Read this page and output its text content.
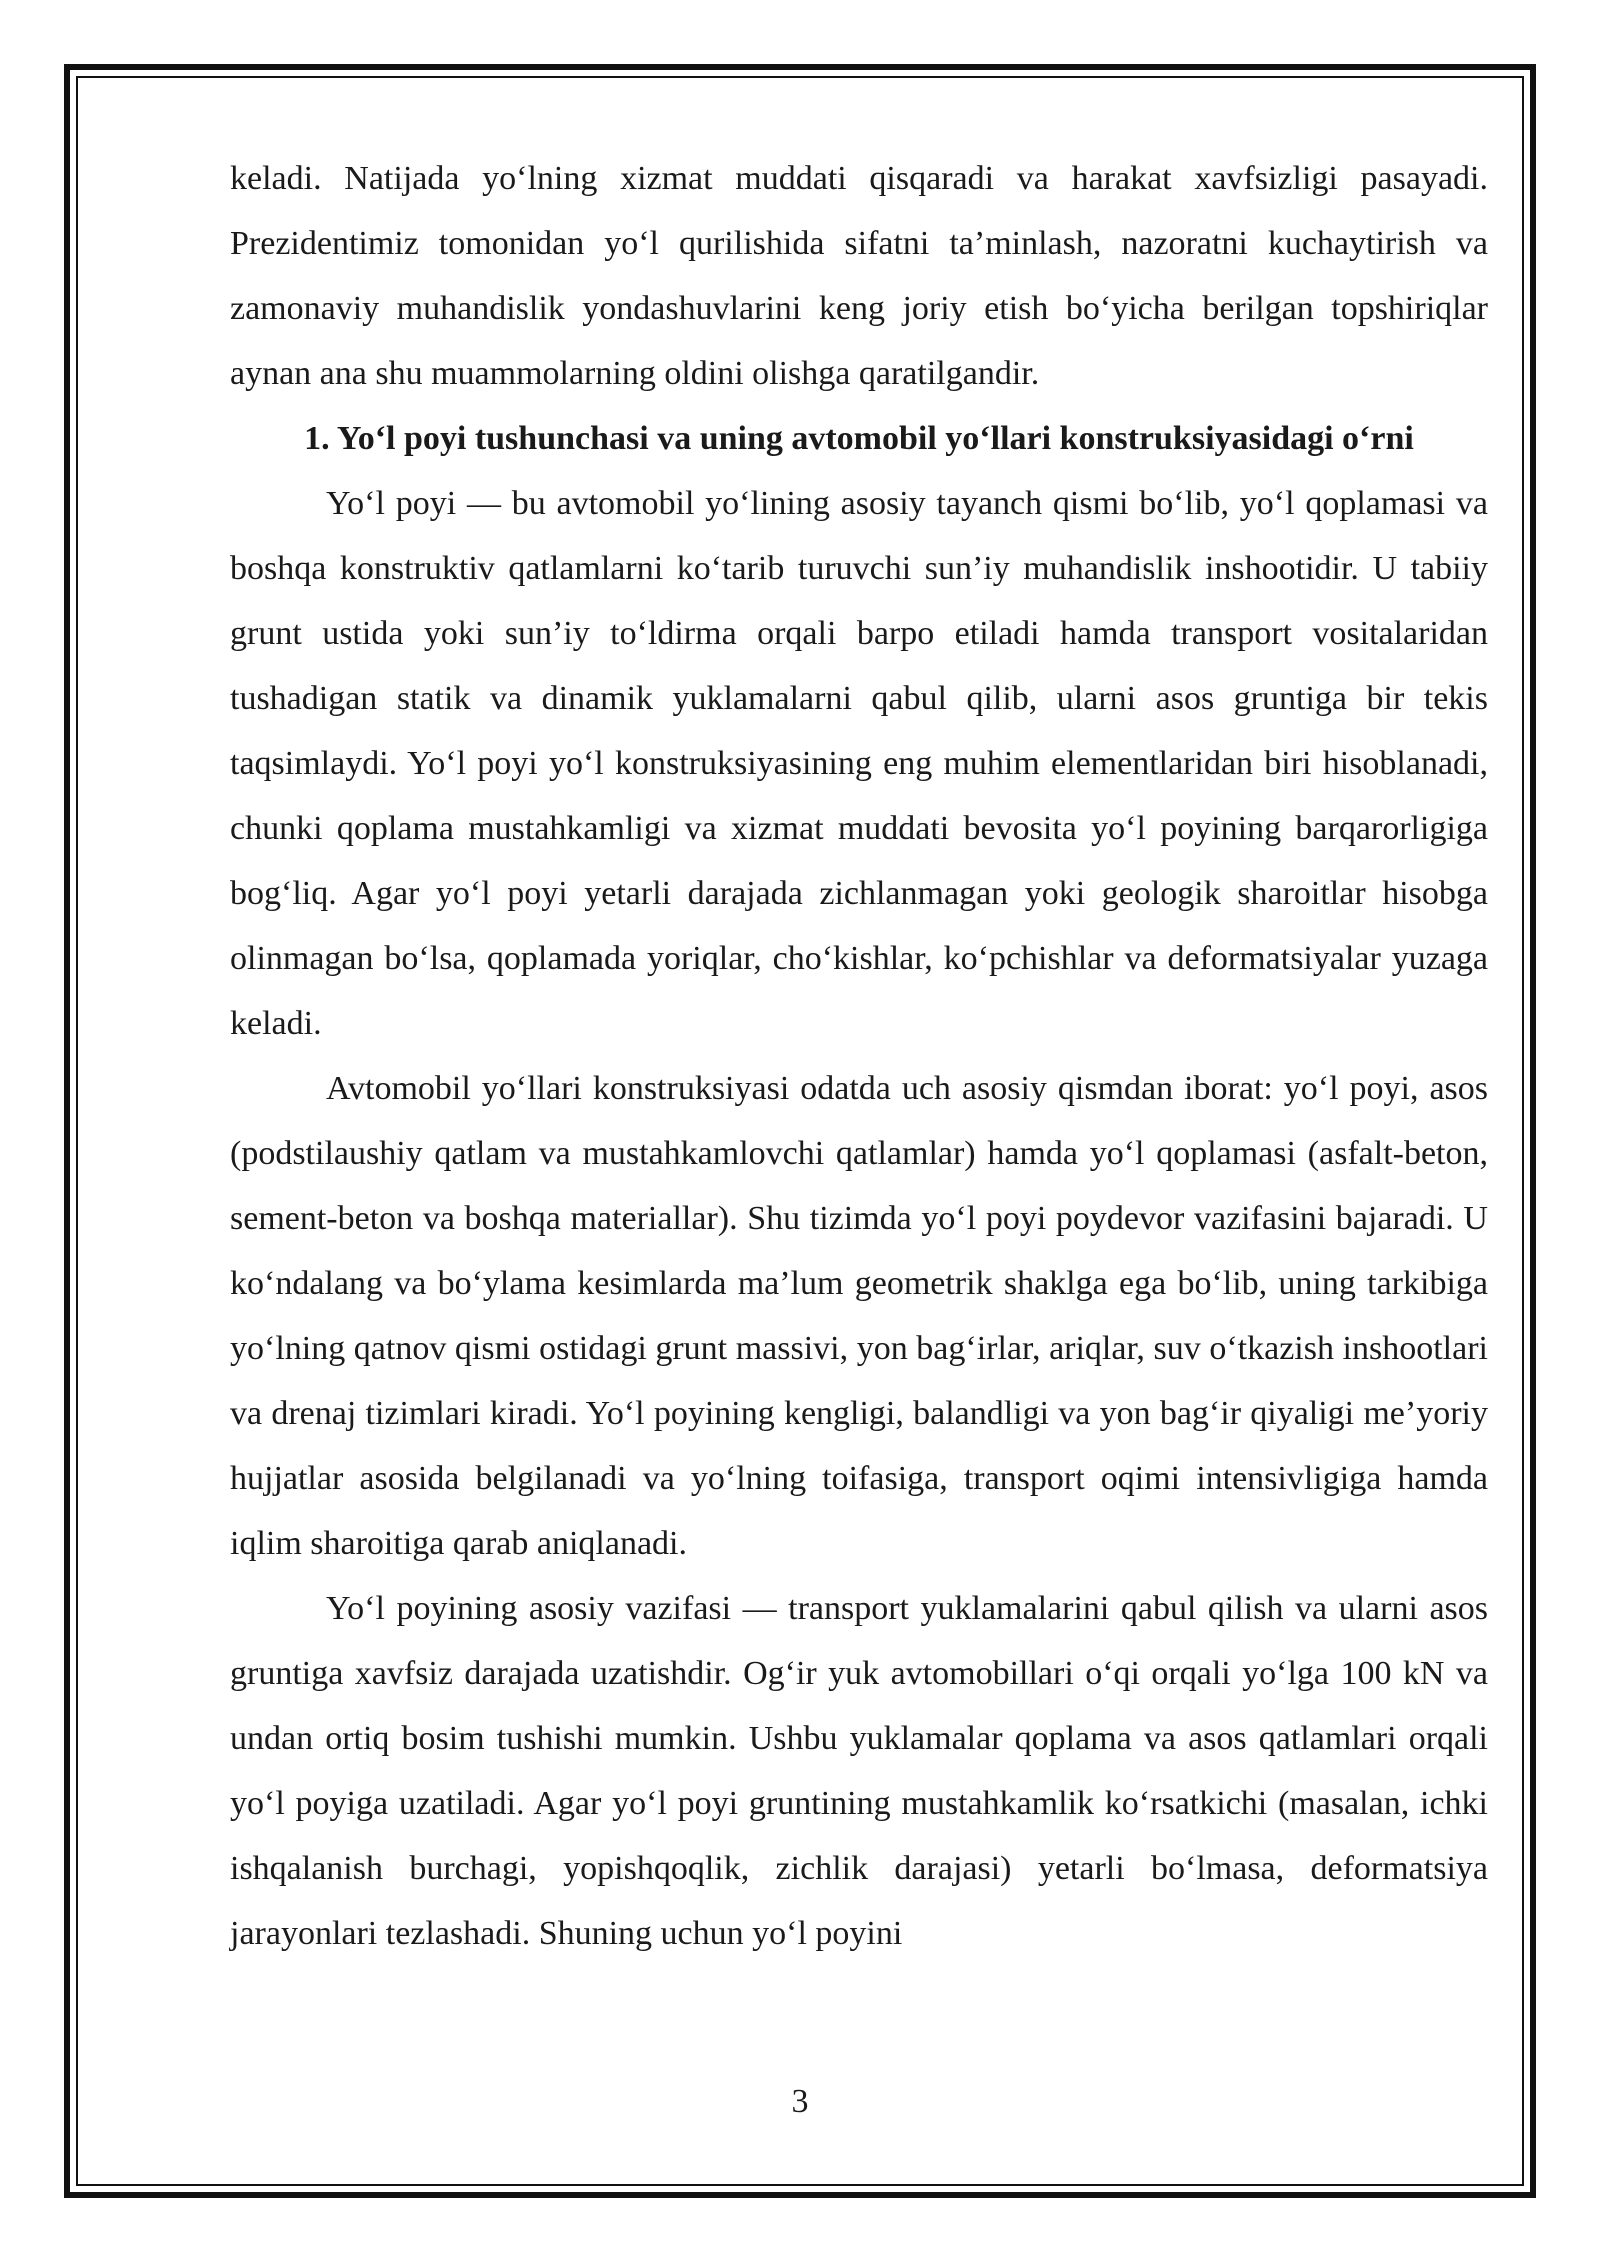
keladi. Natijada yo‘lning xizmat muddati qisqaradi va harakat xavfsizligi pasayadi. Prezidentimiz tomonidan yo‘l qurilishida sifatni ta’minlash, nazoratni kuchaytirish va zamonaviy muhandislik yondashuvlarini keng joriy etish bo‘yicha berilgan topshiriqlar aynan ana shu muammolarning oldini olishga qaratilgandir.

1. Yo‘l poyi tushunchasi va uning avtomobil yo‘llari konstruksiyasidagi o‘rni

Yo‘l poyi — bu avtomobil yo‘lining asosiy tayanch qismi bo‘lib, yo‘l qoplamasi va boshqa konstruktiv qatlamlarni ko‘tarib turuvchi sun’iy muhandislik inshootidir. U tabiiy grunt ustida yoki sun’iy to‘ldirma orqali barpo etiladi hamda transport vositalaridan tushadigan statik va dinamik yuklamalarni qabul qilib, ularni asos gruntiga bir tekis taqsimlaydi. Yo‘l poyi yo‘l konstruksiyasining eng muhim elementlaridan biri hisoblanadi, chunki qoplama mustahkamligi va xizmat muddati bevosita yo‘l poyining barqarorligiga bog‘liq. Agar yo‘l poyi yetarli darajada zichlanmagan yoki geologik sharoitlar hisobga olinmagan bo‘lsa, qoplamada yoriqlar, cho‘kishlar, ko‘pchishlar va deformatsiyalar yuzaga keladi.

Avtomobil yo‘llari konstruksiyasi odatda uch asosiy qismdan iborat: yo‘l poyi, asos (podstilaushiy qatlam va mustahkamlovchi qatlamlar) hamda yo‘l qoplamasi (asfalt-beton, sement-beton va boshqa materiallar). Shu tizimda yo‘l poyi poydevor vazifasini bajaradi. U ko‘ndalang va bo‘ylama kesimlarda ma’lum geometrik shaklga ega bo‘lib, uning tarkibiga yo‘lning qatnov qismi ostidagi grunt massivi, yon bag‘irlar, ariqlar, suv o‘tkazish inshootlari va drenaj tizimlari kiradi. Yo‘l poyining kengligi, balandligi va yon bag‘ir qiyaligi me’yoriy hujjatlar asosida belgilanadi va yo‘lning toifasiga, transport oqimi intensivligiga hamda iqlim sharoitiga qarab aniqlanadi.

Yo‘l poyining asosiy vazifasi — transport yuklamalarini qabul qilish va ularni asos gruntiga xavfsiz darajada uzatishdir. Og‘ir yuk avtomobillari o‘qi orqali yo‘lga 100 kN va undan ortiq bosim tushishi mumkin. Ushbu yuklamalar qoplama va asos qatlamlari orqali yo‘l poyiga uzatiladi. Agar yo‘l poyi gruntining mustahkamlik ko‘rsatkichi (masalan, ichki ishqalanish burchagi, yopishqoqlik, zichlik darajasi) yetarli bo‘lmasa, deformatsiya jarayonlari tezlashadi. Shuning uchun yo‘l poyini

3
